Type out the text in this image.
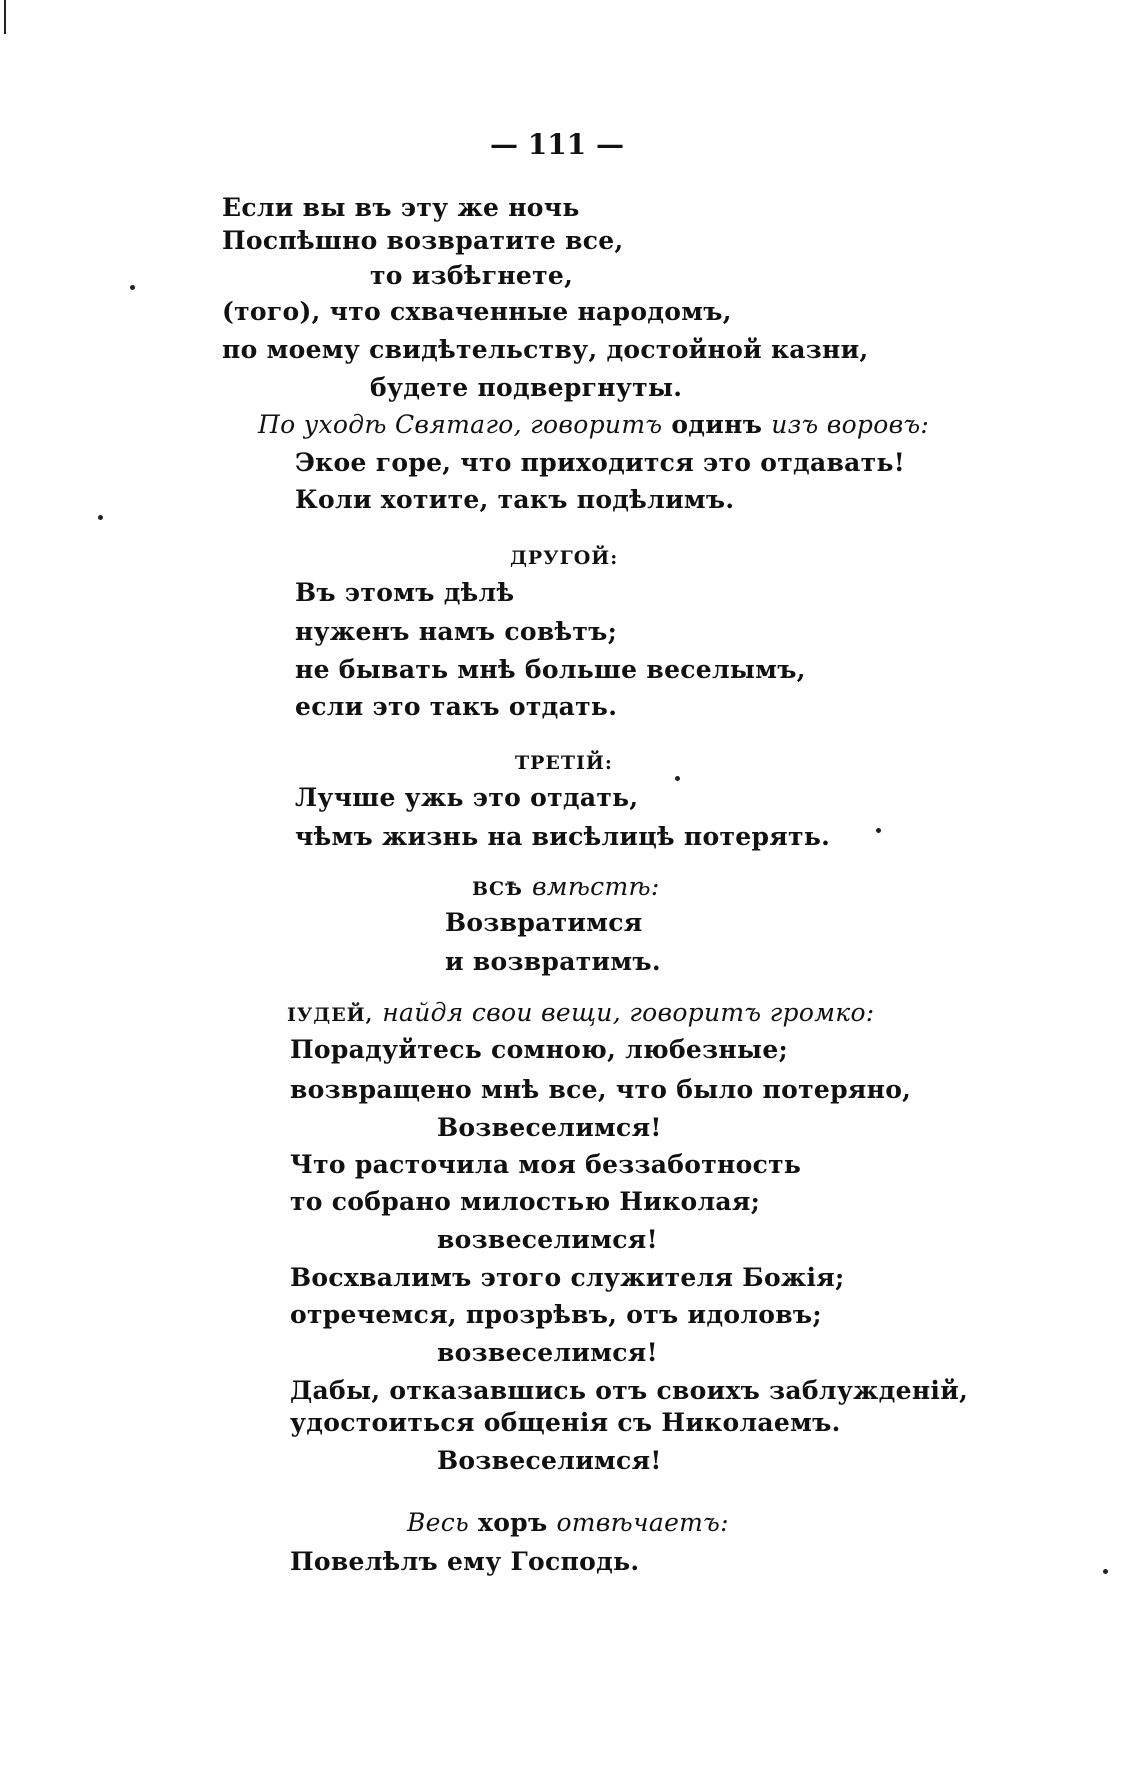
— 111 —
Если вы въ эту же ночь
Поспѣшно возвратите все,
то избѣгнете,
(того), что схваченные народомъ,
по моему свидѣтельству, достойной казни,
будете подвергнуты.
По уходѣ Святаго, говоритъ одинъ изъ воровъ:
Экое горе, что приходится это отдавать!
Коли хотите, такъ подѣлимъ.
ДРУГОЙ:
Въ этомъ дѣлѣ
нуженъ намъ совѣтъ;
не бывать мнѣ больше веселымъ,
если это такъ отдать.
ТРЕТІЙ:
Лучше ужь это отдать,
чѣмъ жизнь на висѣлицѣ потерять.
ВСѢ вмѣстѣ:
Возвратимся
и возвратимъ.
ІУДЕЙ, найдя свои вещи, говоритъ громко:
Порадуйтесь сомною, любезные;
возвращено мнѣ все, что было потеряно,
Возвеселимся!
Что расточила моя беззаботность
то собрано милостью Николая;
возвеселимся!
Восхвалимъ этого служителя Божія;
отречемся, прозрѣвъ, отъ идоловъ;
возвеселимся!
Дабы, отказавшись отъ своихъ заблужденій,
удостоиться общенія съ Николаемъ.
Возвеселимся!
Весь хоръ отвѣчаетъ:
Повелѣлъ ему Господь.
